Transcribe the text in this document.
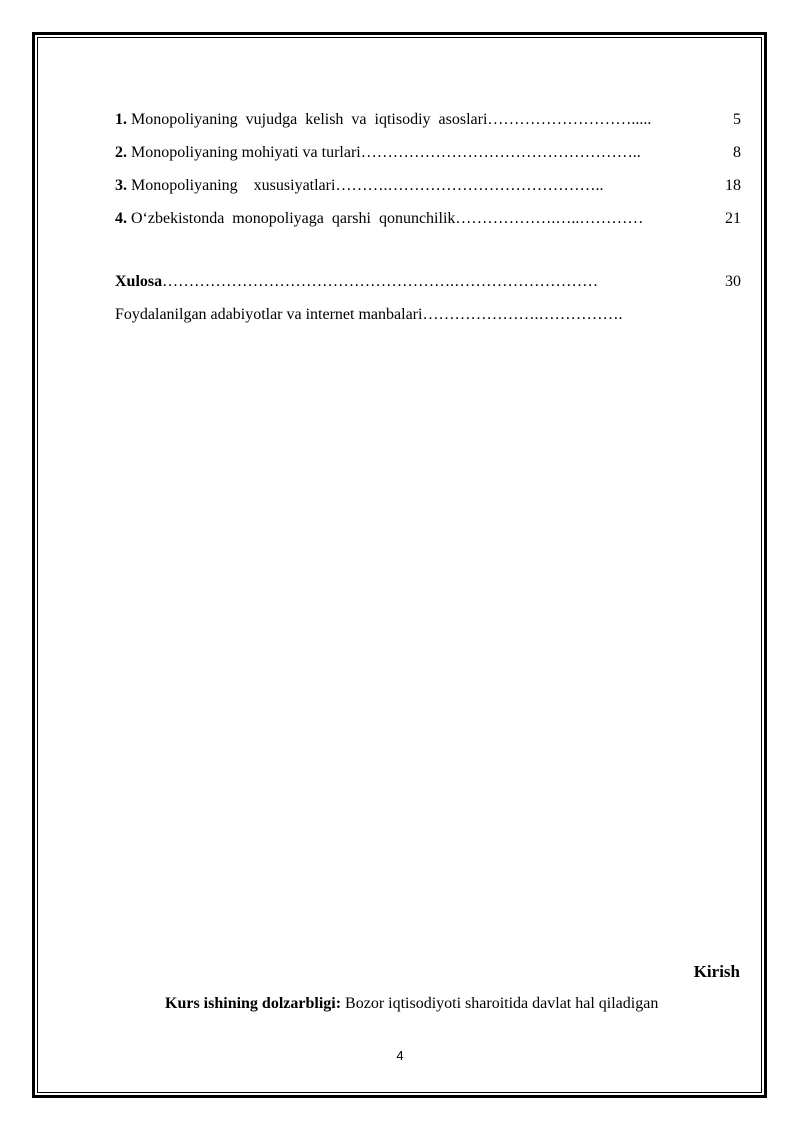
1. Monopoliyaning  vujudga  kelish  va  iqtisodiy  asoslari……………………….....	5
2. Monopoliyaning mohiyati va turlari……………………………………………..	8
3. Monopoliyaning    xususiyatlari……….…………………………………..	18
4. O‘zbekistonda  monopoliyaga  qarshi  qonunchilik……………….…..…………	21
Xulosa……………………………………………….………………………	30
Foydalanilgan adabiyotlar va internet manbalari………………….…………….
Kirish
Kurs ishining dolzarbligi: Bozor iqtisodiyoti sharoitida davlat hal qiladigan
4
